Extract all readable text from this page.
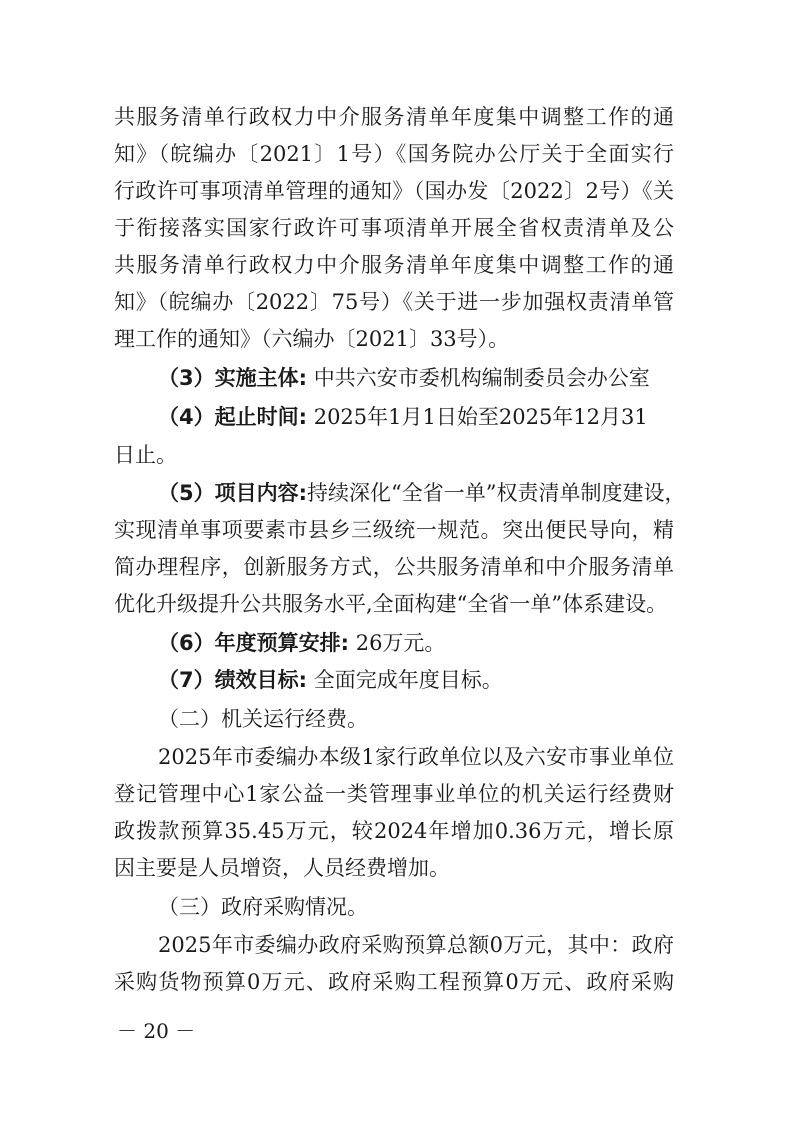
共服务清单行政权力中介服务清单年度集中调整工作的通
知》（皖编办〔2021〕1号）《国务院办公厅关于全面实行
行政许可事项清单管理的通知》（国办发〔2022〕2号）《关
于衔接落实国家行政许可事项清单开展全省权责清单及公
共服务清单行政权力中介服务清单年度集中调整工作的通
知》（皖编办〔2022〕75号）《关于进一步加强权责清单管
理工作的通知》（六编办〔2021〕33号）。
（3）实施主体: 中共六安市委机构编制委员会办公室
（4）起止时间: 2025年1月1日始至2025年12月31
日止。
（5）项目内容:持续深化“全省一单”权责清单制度建设，
实现清单事项要素市县乡三级统一规范。突出便民导向，精
简办理程序，创新服务方式，公共服务清单和中介服务清单
优化升级提升公共服务水平,全面构建“全省一单”体系建设。
（6）年度预算安排: 26万元。
（7）绩效目标: 全面完成年度目标。
（二）机关运行经费。
2025年市委编办本级1家行政单位以及六安市事业单位
登记管理中心1家公益一类管理事业单位的机关运行经费财
政拨款预算35.45万元，较2024年增加0.36万元，增长原
因主要是人员增资，人员经费增加。
（三）政府采购情况。
2025年市委编办政府采购预算总额0万元，其中：政府
采购货物预算0万元、政府采购工程预算0万元、政府采购
－ 20 －
